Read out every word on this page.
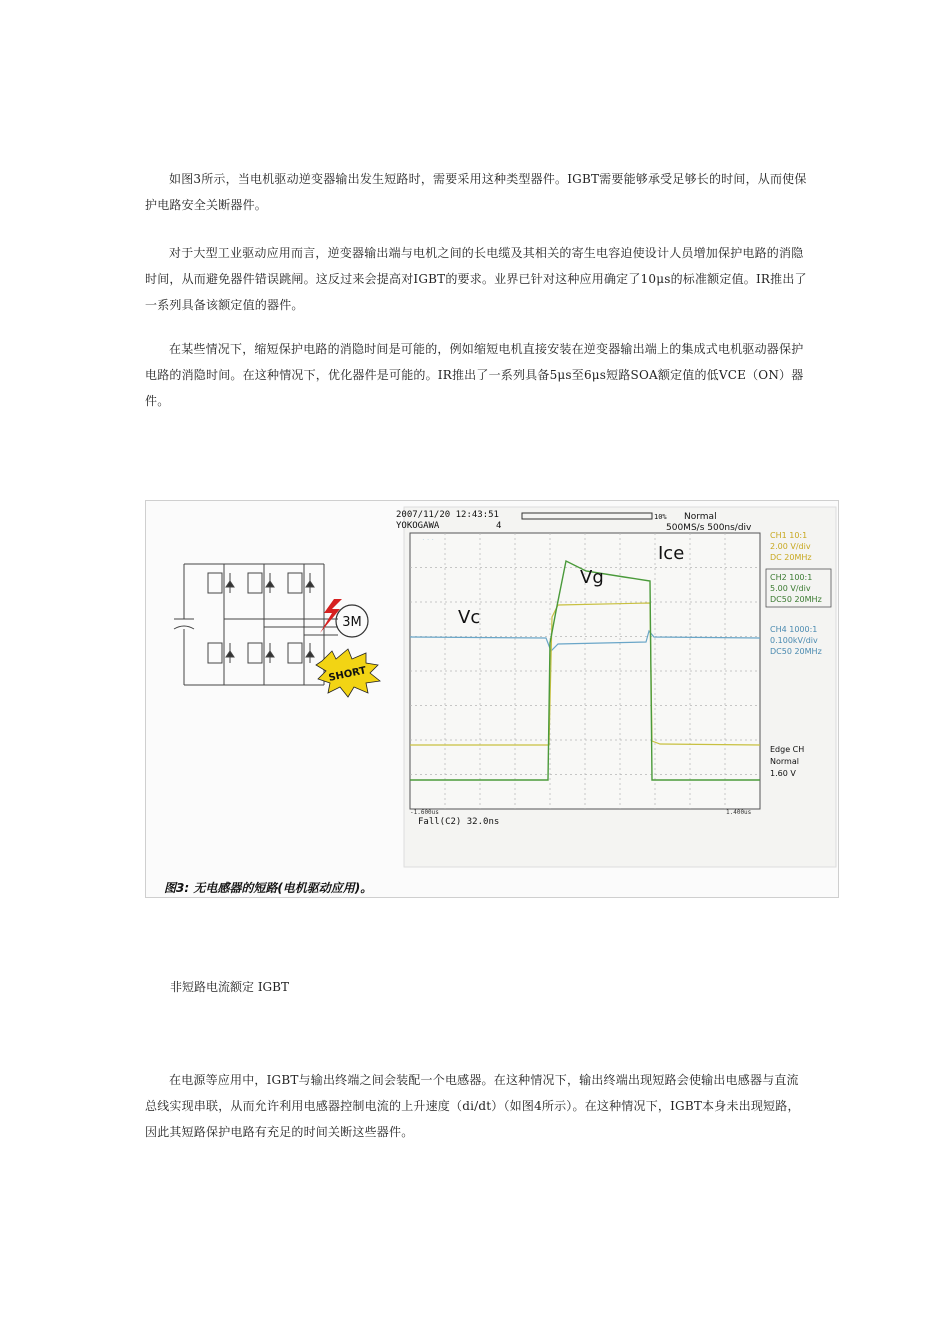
如图3所示，当电机驱动逆变器输出发生短路时，需要采用这种类型器件。IGBT需要能够承受足够长的时间，从而使保护电路安全关断器件。

对于大型工业驱动应用而言，逆变器输出端与电机之间的长电缆及其相关的寄生电容迫使设计人员增加保护电路的消隐时间，从而避免器件错误跳闸。这反过来会提高对IGBT的要求。业界已针对这种应用确定了10μs的标准额定值。IR推出了一系列具备该额定值的器件。

在某些情况下，缩短保护电路的消隐时间是可能的，例如缩短电机直接安装在逆变器输出端上的集成式电机驱动器保护电路的消隐时间。在这种情况下，优化器件是可能的。IR推出了一系列具备5μs至6μs短路SOA额定值的低VCE（ON）器件。

3M
SHORT
2007/11/20 12:43:51
YOKOGAWA	4
10% Normal
500MS/s 500ns/div
· · ·
Vc
Vg
Ice
CH1 10:1
2.00 V/div
DC 20MHz
CH2 100:1
5.00 V/div
DC50 20MHz
CH4 1000:1
0.100kV/div
DC50 20MHz
Edge CH
Normal
1.60 V
-1.600us	1.400us
Fall(C2) 32.0ns
图3: 无电感器的短路(电机驱动应用)。
非短路电流额定 IGBT

在电源等应用中，IGBT与输出终端之间会装配一个电感器。在这种情况下，输出终端出现短路会使输出电感器与直流总线实现串联，从而允许利用电感器控制电流的上升速度（di/dt）（如图4所示）。在这种情况下，IGBT本身未出现短路，因此其短路保护电路有充足的时间关断这些器件。
